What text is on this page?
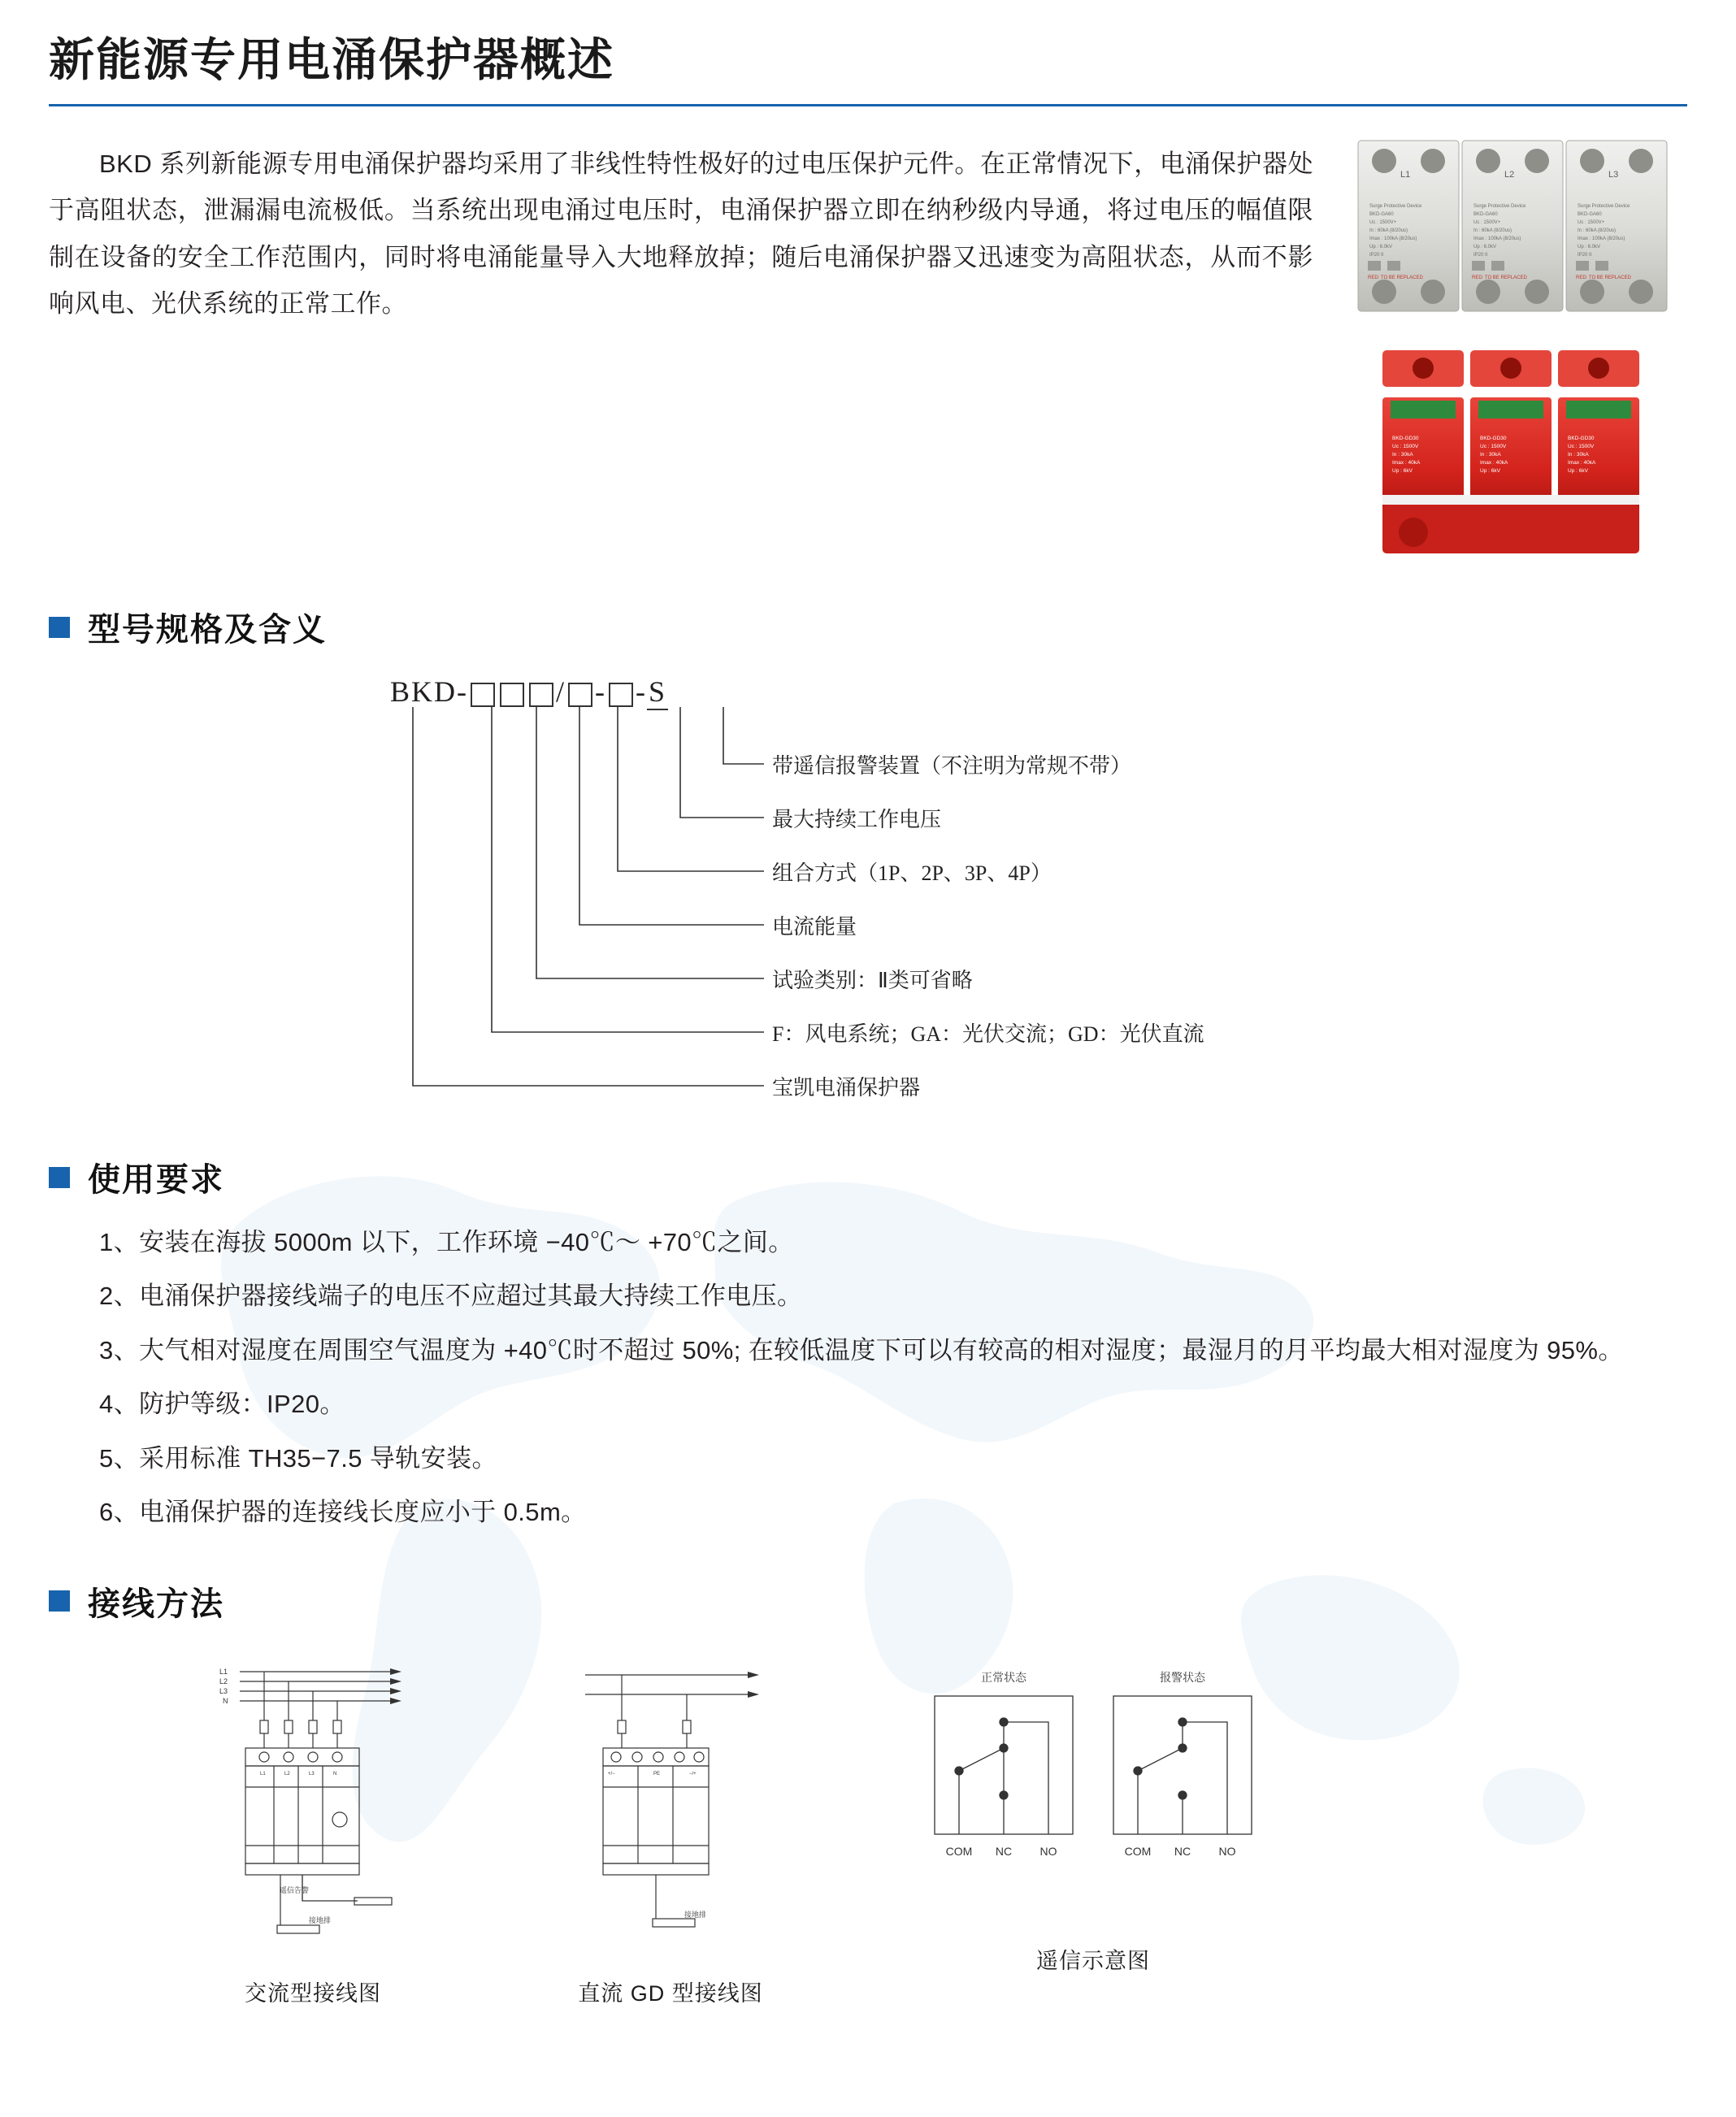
新能源专用电涌保护器概述

BKD 系列新能源专用电涌保护器均采用了非线性特性极好的过电压保护元件。在正常情况下，电涌保护器处于高阻状态，泄漏漏电流极低。当系统出现电涌过电压时，电涌保护器立即在纳秒级内导通，将过电压的幅值限制在设备的安全工作范围内，同时将电涌能量导入大地释放掉；随后电涌保护器又迅速变为高阻状态，从而不影响风电、光伏系统的正常工作。

L1	L2	L3
Surge Protective Device
BKD-GA60
Uc : 1500V+
In : 60kA (8/20us)
Imax : 100kA (8/20us)
Up : 6.0kV
IP20 II
Surge Protective Device
BKD-GA60
Uc : 1500V+
In : 60kA (8/20us)
Imax : 100kA (8/20us)
Up : 6.0kV
IP20 II
Surge Protective Device
BKD-GA60
Uc : 1500V+
In : 60kA (8/20us)
Imax : 100kA (8/20us)
Up : 6.0kV
IP20 II
RED: TO BE REPLACED	RED: TO BE REPLACED	RED: TO BE REPLACED
+/−	⏚	−/+
BKD-GD30
Uc : 1500V
In : 30kA
Imax : 40kA
Up : 6kV
BKD-GD30
Uc : 1500V
In : 30kA
Imax : 40kA
Up : 6kV
BKD-GD30
Uc : 1500V
In : 30kA
Imax : 40kA
Up : 6kV
型号规格及含义
BKD-	/ - -S
带遥信报警装置（不注明为常规不带）
最大持续工作电压
组合方式（1P、2P、3P、4P）
电流能量
试验类别：Ⅱ类可省略
F：风电系统；GA：光伏交流；GD：光伏直流
宝凯电涌保护器
使用要求
1、安装在海拔 5000m 以下，工作环境 −40℃～ +70℃之间。
2、电涌保护器接线端子的电压不应超过其最大持续工作电压。
3、大气相对湿度在周围空气温度为 +40℃时不超过 50%; 在较低温度下可以有较高的相对湿度；最湿月的月平均最大相对湿度为 95%。
4、防护等级：IP20。
5、采用标准 TH35−7.5 导轨安装。
6、电涌保护器的连接线长度应小于 0.5m。
接线方法
L1
L2
L3
N
L1	L2	L3	N
遥信告警
接地排
交流型接线图
+/−	PE	−/+
接地排
直流 GD 型接线图
正常状态	报警状态
COM NC NO	COM NC NO
遥信示意图
